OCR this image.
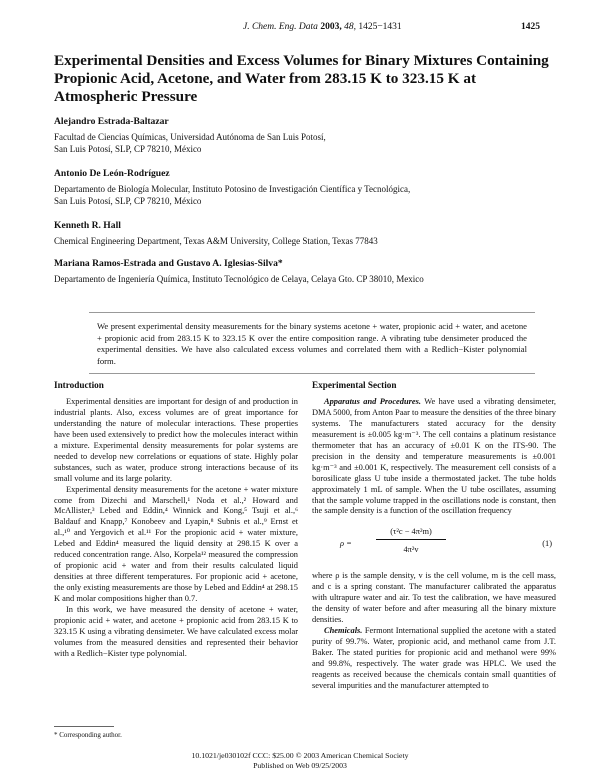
J. Chem. Eng. Data 2003, 48, 1425−1431	1425
Experimental Densities and Excess Volumes for Binary Mixtures Containing Propionic Acid, Acetone, and Water from 283.15 K to 323.15 K at Atmospheric Pressure
Alejandro Estrada-Baltazar
Facultad de Ciencias Químicas, Universidad Autónoma de San Luis Potosí,
San Luis Potosí, SLP, CP 78210, México
Antonio De León-Rodríguez
Departamento de Biología Molecular, Instituto Potosino de Investigación Científica y Tecnológica,
San Luis Potosí, SLP, CP 78210, México
Kenneth R. Hall
Chemical Engineering Department, Texas A&M University, College Station, Texas 77843
Mariana Ramos-Estrada and Gustavo A. Iglesias-Silva*
Departamento de Ingeniería Química, Instituto Tecnológico de Celaya, Celaya Gto. CP 38010, Mexico
We present experimental density measurements for the binary systems acetone + water, propionic acid + water, and acetone + propionic acid from 283.15 K to 323.15 K over the entire composition range. A vibrating tube densimeter produced the experimental densities. We have also calculated excess volumes and correlated them with a Redlich−Kister polynomial form.
Introduction

Experimental densities are important for design of and production in industrial plants. Also, excess volumes are of great importance for understanding the nature of molecular interactions. These properties have been used extensively to predict how the molecules interact within a mixture. Experimental density measurements for polar systems are needed to develop new correlations or equations of state. Highly polar substances, such as water, produce strong interactions because of its small volume and its large polarity.

Experimental density measurements for the acetone + water mixture come from Dizechi and Marschell,¹ Noda et al.,² Howard and McAllister,³ Lebed and Eddin,⁴ Winnick and Kong,⁵ Tsuji et al.,⁶ Baldauf and Knapp,⁷ Konobeev and Lyapin,⁸ Subnis et al.,⁹ Ernst et al.,¹⁰ and Yergovich et al.¹¹ For the propionic acid + water mixture, Lebed and Eddin⁴ measured the liquid density at 298.15 K over a reduced concentration range. Also, Korpela¹² measured the compression of propionic acid + water and from their results calculated liquid densities at three different temperatures. For propionic acid + acetone, the only existing measurements are those by Lebed and Eddin⁴ at 298.15 K and molar compositions higher than 0.7.

In this work, we have measured the density of acetone + water, propionic acid + water, and acetone + propionic acid from 283.15 K to 323.15 K using a vibrating densimeter. We have calculated excess molar volumes from the measured densities and represented their behavior with a Redlich−Kister type polynomial.

Experimental Section

Apparatus and Procedures. We have used a vibrating densimeter, DMA 5000, from Anton Paar to measure the densities of the three binary systems. The manufacturers stated accuracy for the density measurement is ±0.005 kg·m⁻³. The cell contains a platinum resistance thermometer that has an accuracy of ±0.01 K on the ITS-90. The precision in the density and temperature measurements is ±0.001 kg·m⁻³ and ±0.001 K, respectively. The measurement cell consists of a borosilicate glass U tube inside a thermostated jacket. The tube holds approximately 1 mL of sample. When the U tube oscillates, assuming that the sample volume trapped in the oscillations node is constant, then the sample density is a function of the oscillation frequency

ρ =
(τ²c − 4π²m)
4π²v
(1)

where ρ is the sample density, v is the cell volume, m is the cell mass, and c is a spring constant. The manufacturer calibrated the apparatus with ultrapure water and air. To test the calibration, we have measured the density of water before and after measuring all the binary mixture densities.

Chemicals. Fermont International supplied the acetone with a stated purity of 99.7%. Water, propionic acid, and methanol came from J.T. Baker. The stated purities for propionic acid and methanol were 99% and 99.8%, respectively. The water grade was HPLC. We used the reagents as received because the chemicals contain small quantities of several impurities and the manufacturer attempted to

* Corresponding author.
10.1021/je030102f CCC: $25.00 © 2003 American Chemical Society
Published on Web 09/25/2003
